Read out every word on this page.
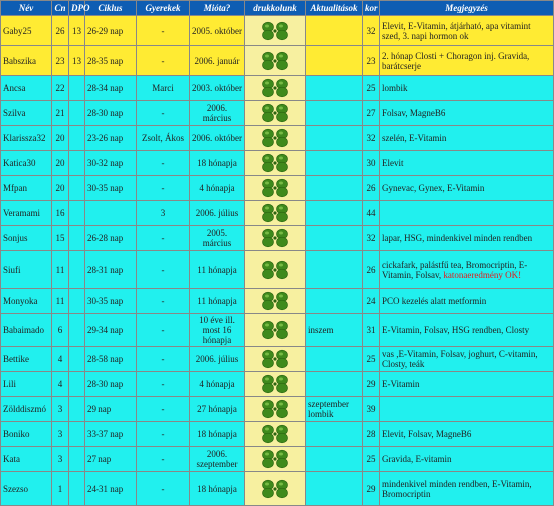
Név	Cn	DPO	Ciklus	Gyerekek	Mióta?	drukkolunk	Aktualitások	kor	Megjegyzés
Gaby25	26	13	26-29 nap	-	2005. október			32	Elevit, E-Vitamin, átjárható, apa vitamint szed, 3. napi hormon ok
Babszika	23	13	28-35 nap	-	2006. január			23	2. hónap Closti + Choragon inj. Gravida, barátcserje
Ancsa	22		28-34 nap	Marci	2003. október			25	lombik
Szilva	21		28-30 nap	-	2006. március			27	Folsav, MagneB6
Klarissza32	20		23-26 nap	Zsolt, Ákos	2006. október			32	szelén, E-Vitamin
Katica30	20		30-32 nap	-	18 hónapja			30	Elevit
Mfpan	20		30-35 nap	-	4 hónapja			26	Gynevac, Gynex, E-Vitamin
Veramami	16			3	2006. július			44	
Sonjus	15		26-28 nap	-	2005. március			32	lapar, HSG, mindenkivel minden rendben
Siufi	11		28-31 nap	-	11 hónapja			26	cickafark, palástfű tea, Bromocriptin, E-Vitamin, Folsav, katonaeredmény OK!
Monyoka	11		30-35 nap	-	11 hónapja			24	PCO kezelés alatt metformin
Babaimado	6		29-34 nap	-	10 éve ill. most 16 hónapja		inszem	31	E-Vitamin, Folsav, HSG rendben, Closty
Bettike	4		28-58 nap	-	2006. július			25	vas ,E-Vitamin, Folsav, joghurt, C-vitamin, Closty, teák
Lili	4		28-30 nap	-	4 hónapja			29	E-Vitamin
Zölddiszmó	3		29 nap	-	27 hónapja		szeptember lombik	39	
Boniko	3		33-37 nap	-	18 hónapja			28	Elevit, Folsav, MagneB6
Kata	3		27 nap	-	2006. szeptember			25	Gravida, E-vitamin
Szezso	1		24-31 nap	-	18 hónapja			29	mindenkivel minden rendben, E-Vitamin, Bromocriptin
